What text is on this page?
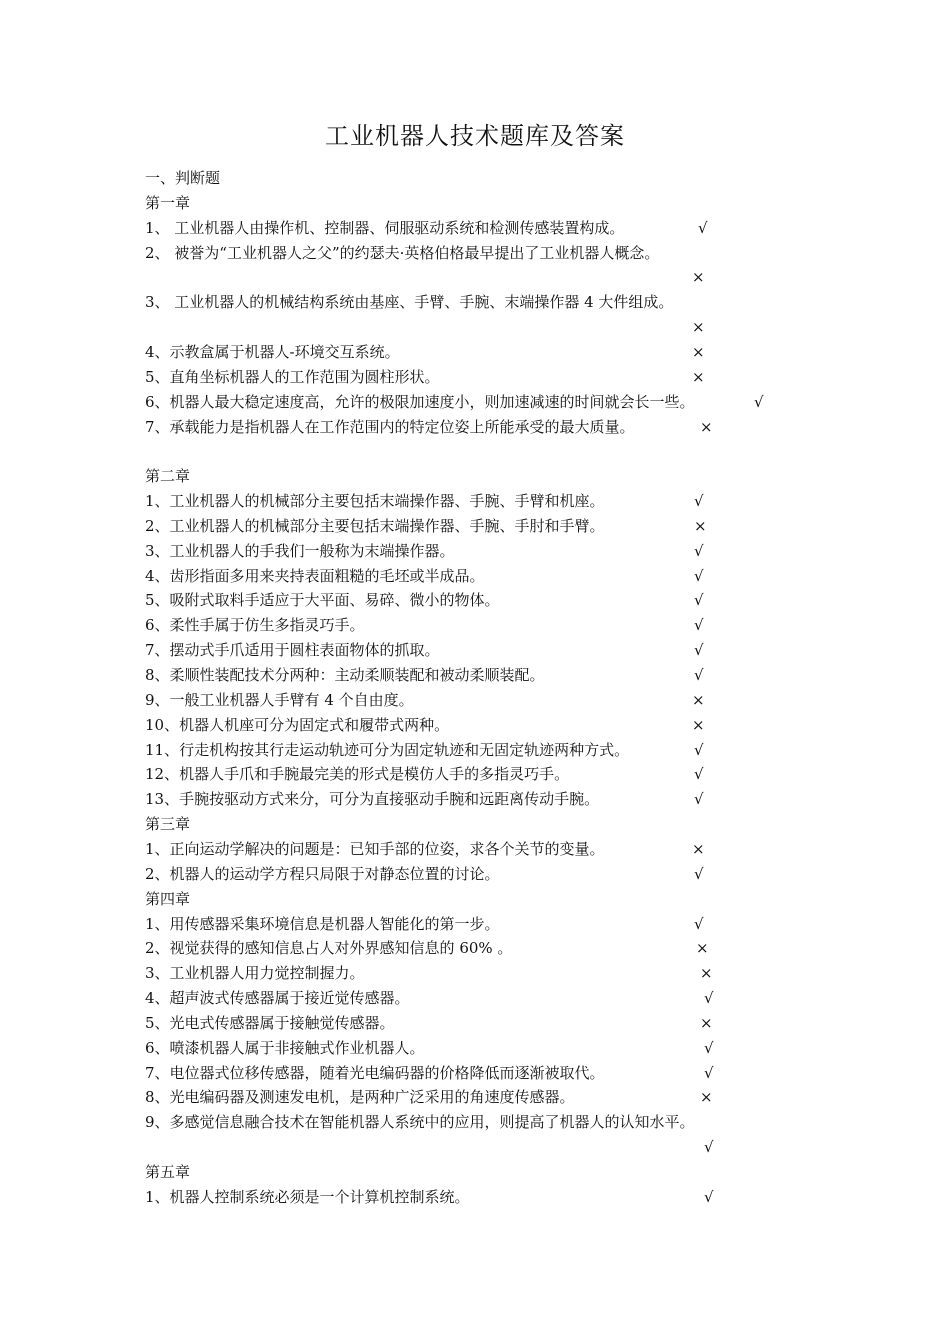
工业机器人技术题库及答案
一、判断题
第一章
1、 工业机器人由操作机、控制器、伺服驱动系统和检测传感装置构成。	√
2、 被誉为“工业机器人之父”的约瑟夫·英格伯格最早提出了工业机器人概念。
×
3、 工业机器人的机械结构系统由基座、手臂、手腕、末端操作器 4 大件组成。
×
4、示教盒属于机器人-环境交互系统。	×
5、直角坐标机器人的工作范围为圆柱形状。	×
6、机器人最大稳定速度高，允许的极限加速度小，则加速减速的时间就会长一些。	√
7、承载能力是指机器人在工作范围内的特定位姿上所能承受的最大质量。	×
第二章
1、工业机器人的机械部分主要包括末端操作器、手腕、手臂和机座。	√
2、工业机器人的机械部分主要包括末端操作器、手腕、手肘和手臂。	×
3、工业机器人的手我们一般称为末端操作器。	√
4、齿形指面多用来夹持表面粗糙的毛坯或半成品。	√
5、吸附式取料手适应于大平面、易碎、微小的物体。	√
6、柔性手属于仿生多指灵巧手。	√
7、摆动式手爪适用于圆柱表面物体的抓取。	√
8、柔顺性装配技术分两种：主动柔顺装配和被动柔顺装配。	√
9、一般工业机器人手臂有 4 个自由度。	×
10、机器人机座可分为固定式和履带式两种。	×
11、行走机构按其行走运动轨迹可分为固定轨迹和无固定轨迹两种方式。	√
12、机器人手爪和手腕最完美的形式是模仿人手的多指灵巧手。	√
13、手腕按驱动方式来分，可分为直接驱动手腕和远距离传动手腕。	√
第三章
1、正向运动学解决的问题是：已知手部的位姿，求各个关节的变量。	×
2、机器人的运动学方程只局限于对静态位置的讨论。	√
第四章
1、用传感器采集环境信息是机器人智能化的第一步。	√
2、视觉获得的感知信息占人对外界感知信息的 60% 。	×
3、工业机器人用力觉控制握力。	×
4、超声波式传感器属于接近觉传感器。	√
5、光电式传感器属于接触觉传感器。	×
6、喷漆机器人属于非接触式作业机器人。	√
7、电位器式位移传感器，随着光电编码器的价格降低而逐渐被取代。	√
8、光电编码器及测速发电机，是两种广泛采用的角速度传感器。	×
9、多感觉信息融合技术在智能机器人系统中的应用，则提高了机器人的认知水平。
√
第五章
1、机器人控制系统必须是一个计算机控制系统。	√
